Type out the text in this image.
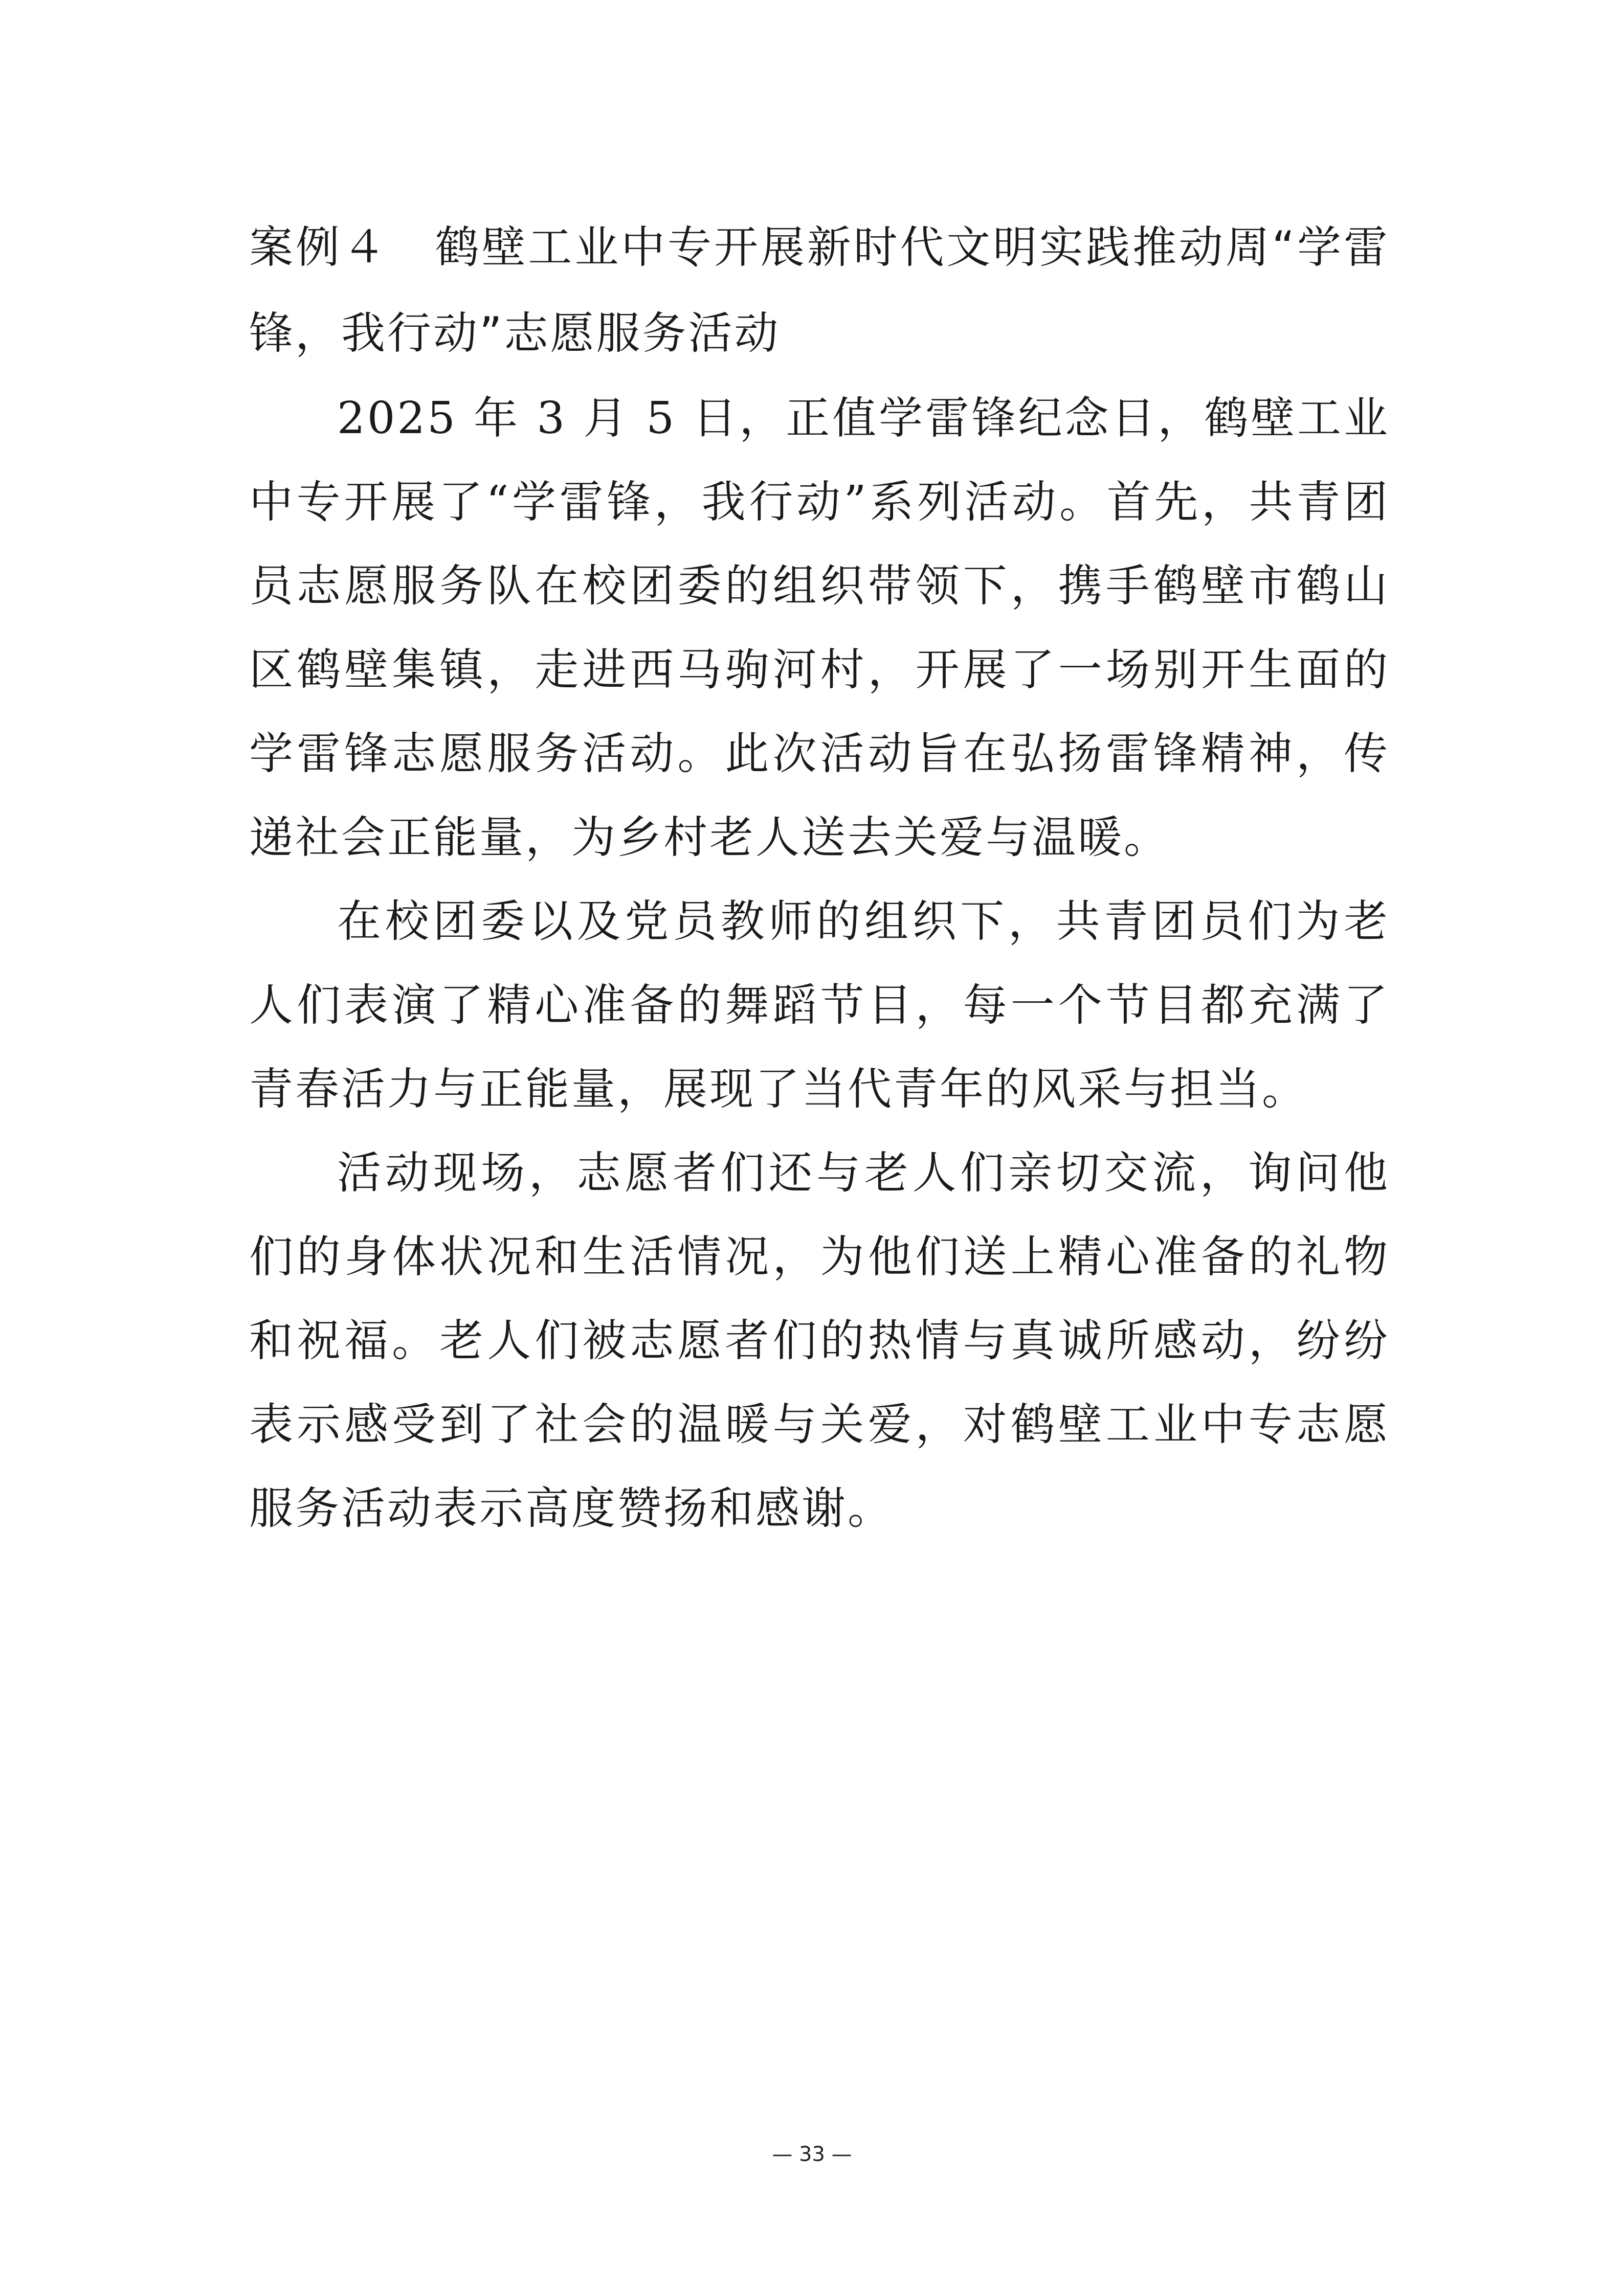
案例４　鹤壁工业中专开展新时代文明实践推动周“学雷锋，我行动”志愿服务活动

2025 年 3 月 5 日，正值学雷锋纪念日，鹤壁工业中专开展了“学雷锋，我行动”系列活动。首先，共青团员志愿服务队在校团委的组织带领下，携手鹤壁市鹤山区鹤壁集镇，走进西马驹河村，开展了一场别开生面的学雷锋志愿服务活动。此次活动旨在弘扬雷锋精神，传递社会正能量，为乡村老人送去关爱与温暖。

在校团委以及党员教师的组织下，共青团员们为老人们表演了精心准备的舞蹈节目，每一个节目都充满了青春活力与正能量，展现了当代青年的风采与担当。

活动现场，志愿者们还与老人们亲切交流，询问他们的身体状况和生活情况，为他们送上精心准备的礼物和祝福。老人们被志愿者们的热情与真诚所感动，纷纷表示感受到了社会的温暖与关爱，对鹤壁工业中专志愿服务活动表示高度赞扬和感谢。

— 33 —
